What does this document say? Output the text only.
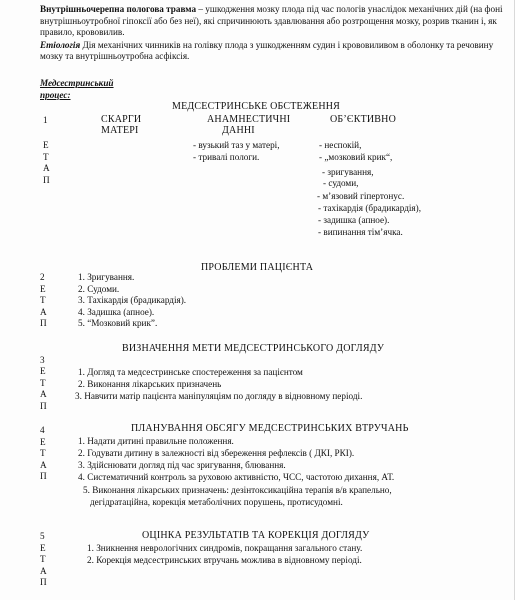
Внутрішньочерепна пологова травма – ушкодження мозку плода під час пологів унаслідок механічних дій (на фоні внутрішньоутробної гіпоксії або без неї), які спричинюють здавлювання або розтрощення мозку, розрив тканин і, як правило, крововилив.

Етіологія Дія механічних чинників на голівку плода з ушкодженням судин і крововиливом в оболонку та речовину мозку та внутрішньоутробна асфіксія.

Медсестринський
процес:
МЕДСЕСТРИНСЬКЕ ОБСТЕЖЕННЯ
1	СКАРГИ
МАТЕРІ
АНАМНЕСТИЧНІ
ДАННІ
ОБ’ЄКТИВНО
Е
Т
А
П
- вузький таз у матері,
- тривалі пологи.
- неспокій,
- „мозковий крик“,
- зригування,
- судоми,
- м’язовий гіпертонус.
- тахікардія (брадикардія),
- задишка (апное).
- випинання тім’ячка.
ПРОБЛЕМИ ПАЦІЄНТА
2
Е
Т
А
П
1. Зригування.
2. Судоми.
3. Тахікардія (брадикардія).
4. Задишка (апное).
5. “Мозковий крик”.
ВИЗНАЧЕННЯ МЕТИ МЕДСЕСТРИНСЬКОГО ДОГЛЯДУ
3
Е
Т
А
П
1. Догляд та медсестринське спостереження за пацієнтом
2. Виконання лікарських призначень
3. Навчити матір пацієнта маніпуляціям по догляду в відновному періоді.
ПЛАНУВАННЯ ОБСЯГУ МЕДСЕСТРИНСЬКИХ ВТРУЧАНЬ
4
Е
Т
А
П
1. Надати дитині правильне положення.
2. Годувати дитину в залежності від збереження рефлексів ( ДКІ, РКІ).
3. Здійснювати догляд під час зригування, блювання.
4. Систематичний контроль за руховою активністю, ЧСС, частотою дихання, АТ.
5. Виконання лікарських призначень: дезінтоксикаційна терапія в/в крапельно,
дегідратаційна, корекція метаболічних порушень, протисудомні.
ОЦІНКА РЕЗУЛЬТАТІВ ТА КОРЕКЦІЯ ДОГЛЯДУ
5
Е
Т
А
П
1. Зникнення неврологічних синдромів, покращання загального стану.
2. Корекція медсестринських втручань можлива в відновному періоді.
